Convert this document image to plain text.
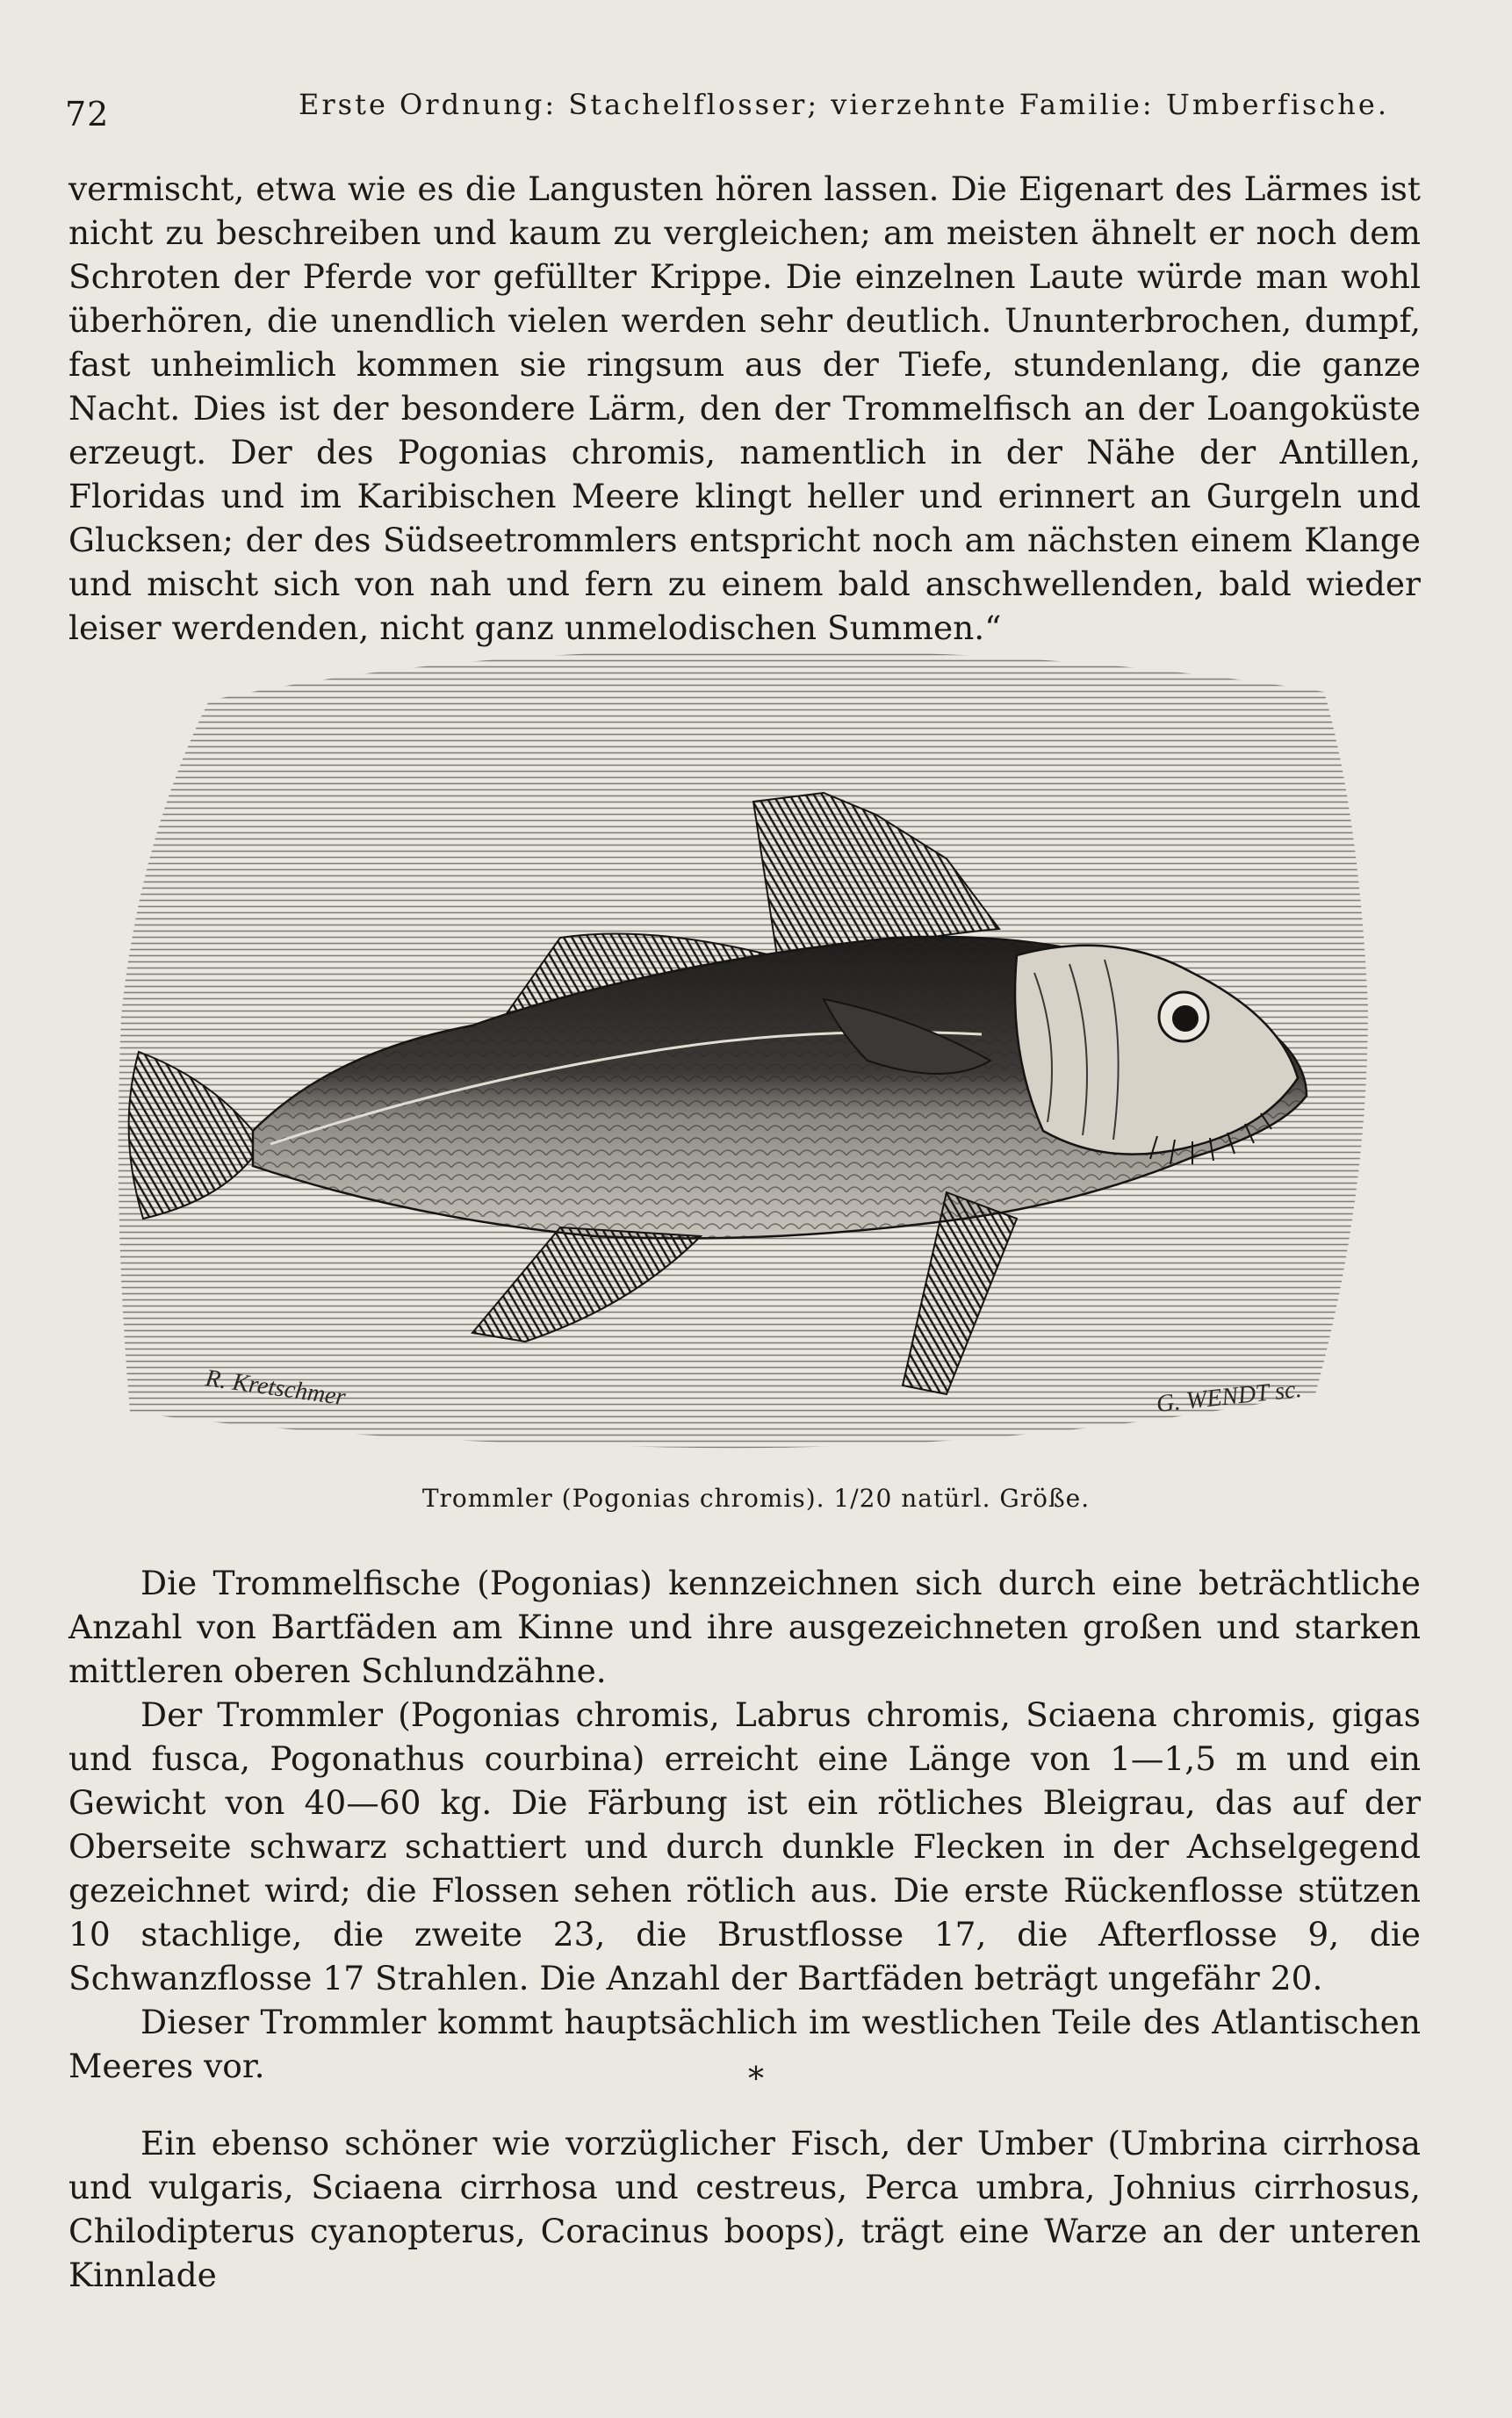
72	Erste Ordnung: Stachelflosser; vierzehnte Familie: Umberfische.

vermischt, etwa wie es die Langusten hören lassen. Die Eigenart des Lärmes ist nicht zu beschreiben und kaum zu vergleichen; am meisten ähnelt er noch dem Schroten der Pferde vor gefüllter Krippe. Die einzelnen Laute würde man wohl überhören, die unendlich vielen werden sehr deutlich. Ununterbrochen, dumpf, fast unheimlich kommen sie ringsum aus der Tiefe, stundenlang, die ganze Nacht. Dies ist der besondere Lärm, den der Trommelfisch an der Loangoküste erzeugt. Der des Pogonias chromis, namentlich in der Nähe der Antillen, Floridas und im Karibischen Meere klingt heller und erinnert an Gurgeln und Glucksen; der des Südseetrommlers entspricht noch am nächsten einem Klange und mischt sich von nah und fern zu einem bald anschwellenden, bald wieder leiser werdenden, nicht ganz unmelodischen Summen.“

R. Kretschmer	G. WENDT sc.
Trommler (Pogonias chromis). 1/20 natürl. Größe.

Die Trommelfische (Pogonias) kennzeichnen sich durch eine beträchtliche Anzahl von Bartfäden am Kinne und ihre ausgezeichneten großen und starken mittleren oberen Schlundzähne.

Der Trommler (Pogonias chromis, Labrus chromis, Sciaena chromis, gigas und fusca, Pogonathus courbina) erreicht eine Länge von 1—1,5 m und ein Gewicht von 40—60 kg. Die Färbung ist ein rötliches Bleigrau, das auf der Oberseite schwarz schattiert und durch dunkle Flecken in der Achselgegend gezeichnet wird; die Flossen sehen rötlich aus. Die erste Rückenflosse stützen 10 stachlige, die zweite 23, die Brustflosse 17, die Afterflosse 9, die Schwanzflosse 17 Strahlen. Die Anzahl der Bartfäden beträgt ungefähr 20.

Dieser Trommler kommt hauptsächlich im westlichen Teile des Atlantischen Meeres vor.	*

Ein ebenso schöner wie vorzüglicher Fisch, der Umber (Umbrina cirrhosa und vulgaris, Sciaena cirrhosa und cestreus, Perca umbra, Johnius cirrhosus, Chilodipterus cyanopterus, Coracinus boops), trägt eine Warze an der unteren Kinnlade
